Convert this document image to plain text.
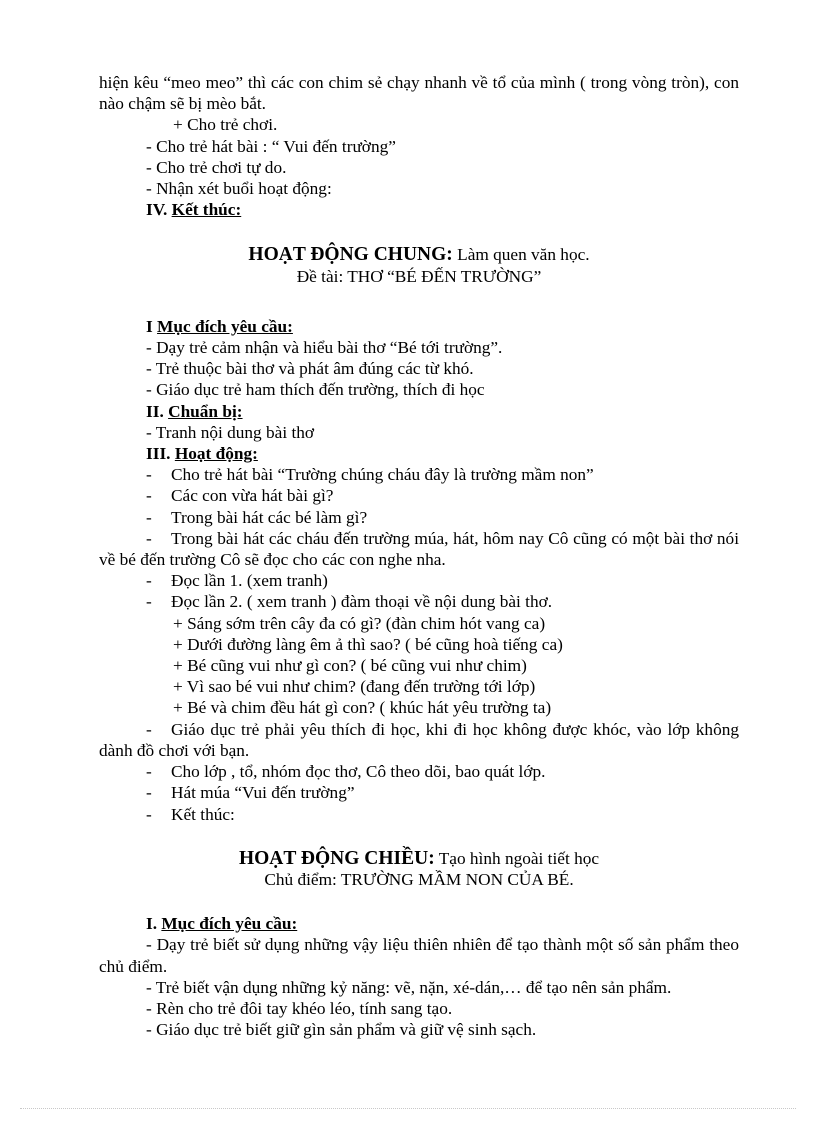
hiện kêu “meo meo” thì các con chim sẻ chạy nhanh về tổ của mình ( trong vòng tròn), con nào chậm sẽ bị mèo bắt.

+ Cho trẻ chơi.

- Cho trẻ hát bài : “ Vui đến trường”

- Cho trẻ chơi tự do.

- Nhận xét buổi hoạt động:

IV. Kết thúc:

HOẠT ĐỘNG CHUNG: Làm quen văn học.

Đề tài: THƠ “BÉ ĐẾN TRƯỜNG”

I Mục đích yêu cầu:

- Dạy trẻ cảm nhận và hiểu bài thơ “Bé tới trường”.

- Trẻ thuộc bài thơ và phát âm đúng các từ khó.

- Giáo dục trẻ ham thích đến trường, thích đi học

II. Chuẩn bị:

- Tranh nội dung bài thơ

III. Hoạt động:

-	Cho trẻ hát bài “Trường chúng cháu đây là trường mầm non”
-	Các con vừa hát bài gì?
-	Trong bài hát các bé làm gì?

- Trong bài hát các cháu đến trường múa, hát, hôm nay Cô cũng có một bài thơ nói về bé đến trường Cô sẽ đọc cho các con nghe nha.

-	Đọc lần 1. (xem tranh)
-	Đọc lần 2. ( xem tranh ) đàm thoại về nội dung bài thơ.

+ Sáng sớm trên cây đa có gì? (đàn chim hót vang ca)

+ Dưới đường làng êm ả thì sao? ( bé cũng hoà tiếng ca)

+ Bé cũng vui như gì con? ( bé cũng vui như chim)

+ Vì sao bé vui như chim? (đang đến trường tới lớp)

+ Bé và chim đều hát gì con? ( khúc hát yêu trường ta)

- Giáo dục trẻ phải yêu thích đi học, khi đi học không được khóc, vào lớp không dành đồ chơi với bạn.

-	Cho lớp , tổ, nhóm đọc thơ, Cô theo dõi, bao quát lớp.
-	Hát múa “Vui đến trường”
-	Kết thúc:

HOẠT ĐỘNG CHIỀU: Tạo hình ngoài tiết học

Chủ điểm: TRƯỜNG MẦM NON CỦA BÉ.

I. Mục đích yêu cầu:

- Dạy trẻ biết sử dụng những vậy liệu thiên nhiên để tạo thành một số sản phẩm theo chủ điểm.

- Trẻ biết vận dụng những kỷ năng: vẽ, nặn, xé-dán,… để tạo nên sản phẩm.

- Rèn cho trẻ đôi tay khéo léo, tính sang tạo.

- Giáo dục trẻ biết giữ gìn sản phẩm và giữ vệ sinh sạch.
